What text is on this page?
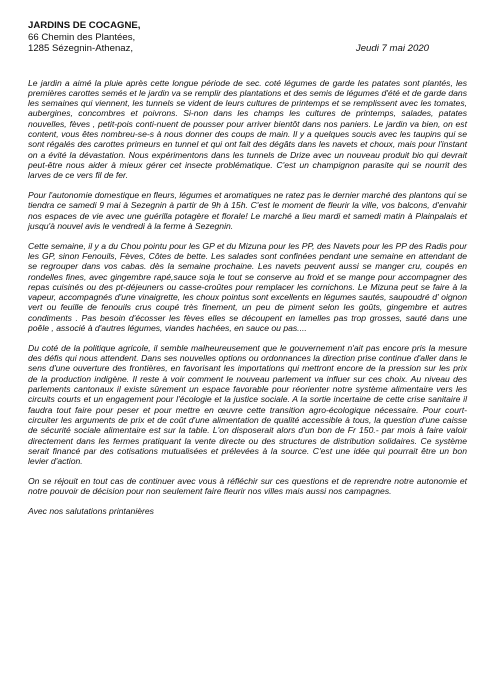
JARDINS DE COCAGNE,
66 Chemin des Plantées,
1285 Sézegnin-Athenaz,	Jeudi 7 mai 2020

Le jardin a aimé la pluie après cette longue période de sec. coté légumes de garde les patates sont plantés, les premières carottes semés et le jardin va se remplir des plantations et des semis de légumes d'été et de garde dans les semaines qui viennent, les tunnels se vident de leurs cultures de printemps et se remplissent avec les tomates, aubergines, concombres et poivrons. Si-non dans les champs les cultures de printemps, salades, patates nouvelles, fèves , petit-pois conti-nuent de pousser pour arriver bientôt dans nos paniers. Le jardin va bien, on est content, vous êtes nombreu-se-s à nous donner des coups de main. Il y a quelques soucis avec les taupins qui se sont régalés des carottes primeurs en tunnel et qui ont fait des dégâts dans les navets et choux, mais pour l'instant on a évité la dévastation. Nous expérimentons dans les tunnels de Drize avec un nouveau produit bio qui devrait peut-être nous aider à mieux gérer cet insecte problématique. C'est un champignon parasite qui se nourrit des larves de ce vers fil de fer.

Pour l'autonomie domestique en fleurs, légumes et aromatiques ne ratez pas le dernier marché des plantons qui se tiendra ce samedi 9 mai à Sezegnin à partir de 9h à 15h. C'est le moment de fleurir la ville, vos balcons, d'envahir nos espaces de vie avec une guérilla potagère et florale! Le marché a lieu mardi et samedi matin à Plainpalais et jusqu'à nouvel avis le vendredi à la ferme à Sezegnin.

Cette semaine, il y a du Chou pointu pour les GP et du Mizuna pour les PP, des Navets pour les PP des Radis pour les GP, sinon Fenouils, Fèves, Côtes de bette. Les salades sont confinées pendant une semaine en attendant de se regrouper dans vos cabas. dès la semaine prochaine. Les navets peuvent aussi se manger cru, coupés en rondelles fines, avec gingembre rapé,sauce soja le tout se conserve au froid et se mange pour accompagner des repas cuisinés ou des pt-déjeuners ou casse-croûtes pour remplacer les cornichons. Le Mizuna peut se faire à la vapeur, accompagnés d'une vinaigrette, les choux pointus sont excellents en légumes sautés, saupoudré d' oignon vert ou feuille de fenouils crus coupé très finement, un peu de piment selon les goûts, gingembre et autres condiments . Pas besoin d'écosser les fèves elles se découpent en lamelles pas trop grosses, sauté dans une poêle , associé à d'autres légumes, viandes hachées, en sauce ou pas....

Du coté de la politique agricole, il semble malheureusement que le gouvernement n'ait pas encore pris la mesure des défis qui nous attendent. Dans ses nouvelles options ou ordonnances la direction prise continue d'aller dans le sens d'une ouverture des frontières, en favorisant les importations qui mettront encore de la pression sur les prix de la production indigène. Il reste à voir comment le nouveau parlement va influer sur ces choix. Au niveau des parlements cantonaux il existe sûrement un espace favorable pour réorienter notre système alimentaire vers les circuits courts et un engagement pour l'écologie et la justice sociale. A la sortie incertaine de cette crise sanitaire il faudra tout faire pour peser et pour mettre en œuvre cette transition agro-écologique nécessaire. Pour court-circuiter les arguments de prix et de coût d'une alimentation de qualité accessible à tous, la question d'une caisse de sécurité sociale alimentaire est sur la table. L'on disposerait alors d'un bon de Fr 150.- par mois à faire valoir directement dans les fermes pratiquant la vente directe ou des structures de distribution solidaires. Ce système serait financé par des cotisations mutualisées et prélevées à la source. C'est une idée qui pourrait être un bon levier d'action.

On se réjouit en tout cas de continuer avec vous à réfléchir sur ces questions et de reprendre notre autonomie et notre pouvoir de décision pour non seulement faire fleurir nos villes mais aussi nos campagnes.

Avec nos salutations printanières
